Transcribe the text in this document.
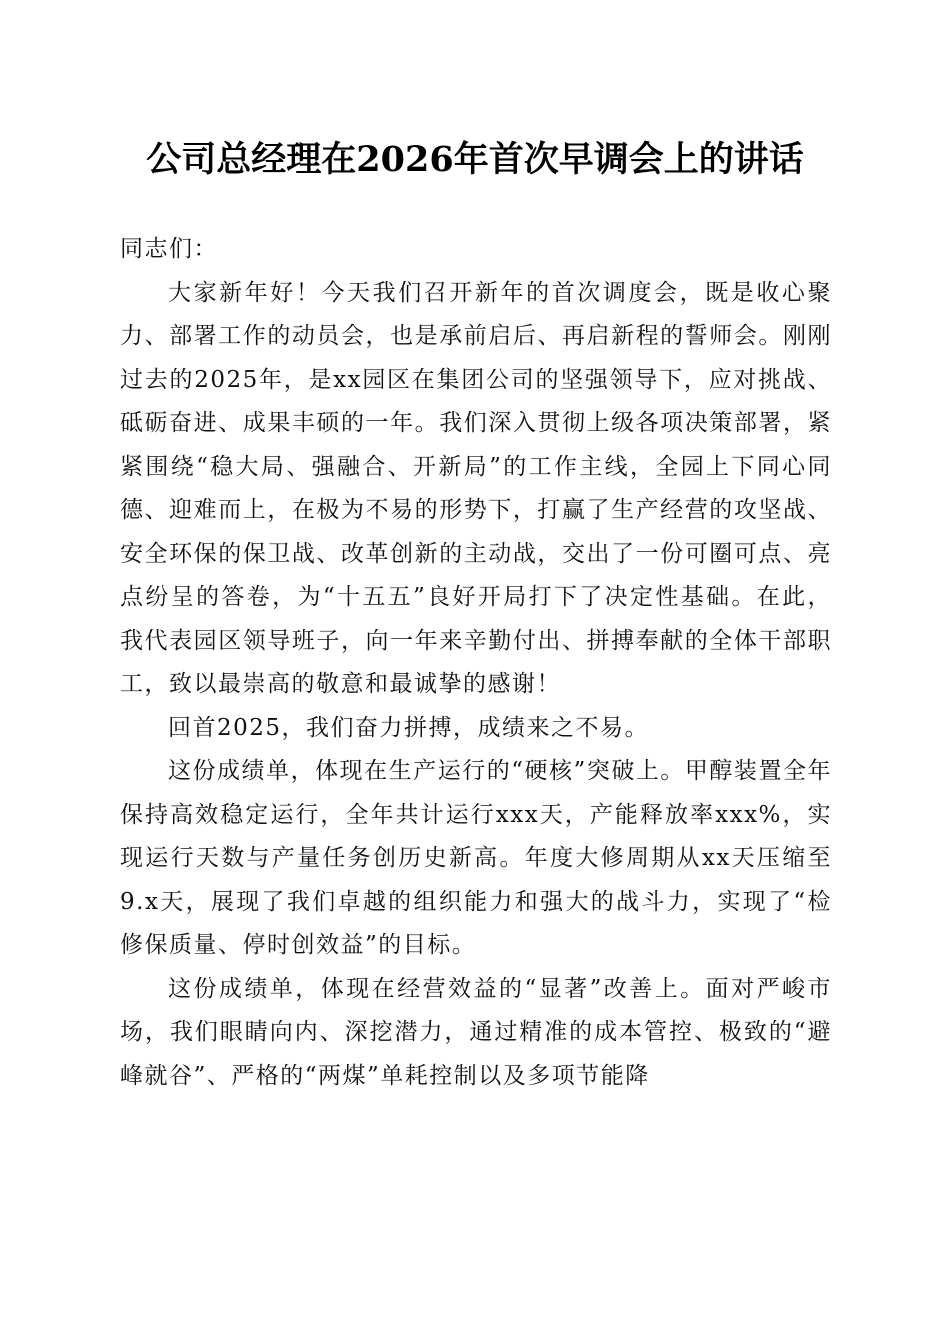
公司总经理在2026年首次早调会上的讲话

同志们：

大家新年好！今天我们召开新年的首次调度会，既是收心聚力、部署工作的动员会，也是承前启后、再启新程的誓师会。刚刚过去的2025年，是xx园区在集团公司的坚强领导下，应对挑战、砥砺奋进、成果丰硕的一年。我们深入贯彻上级各项决策部署，紧紧围绕“稳大局、强融合、开新局”的工作主线，全园上下同心同德、迎难而上，在极为不易的形势下，打赢了生产经营的攻坚战、安全环保的保卫战、改革创新的主动战，交出了一份可圈可点、亮点纷呈的答卷，为“十五五”良好开局打下了决定性基础。在此，我代表园区领导班子，向一年来辛勤付出、拼搏奉献的全体干部职工，致以最崇高的敬意和最诚挚的感谢！

回首2025，我们奋力拼搏，成绩来之不易。

这份成绩单，体现在生产运行的“硬核”突破上。甲醇装置全年保持高效稳定运行，全年共计运行xxx天，产能释放率xxx%，实现运行天数与产量任务创历史新高。年度大修周期从xx天压缩至9.x天，展现了我们卓越的组织能力和强大的战斗力，实现了“检修保质量、停时创效益”的目标。

这份成绩单，体现在经营效益的“显著”改善上。面对严峻市场，我们眼睛向内、深挖潜力，通过精准的成本管控、极致的“避峰就谷”、严格的“两煤”单耗控制以及多项节能降
